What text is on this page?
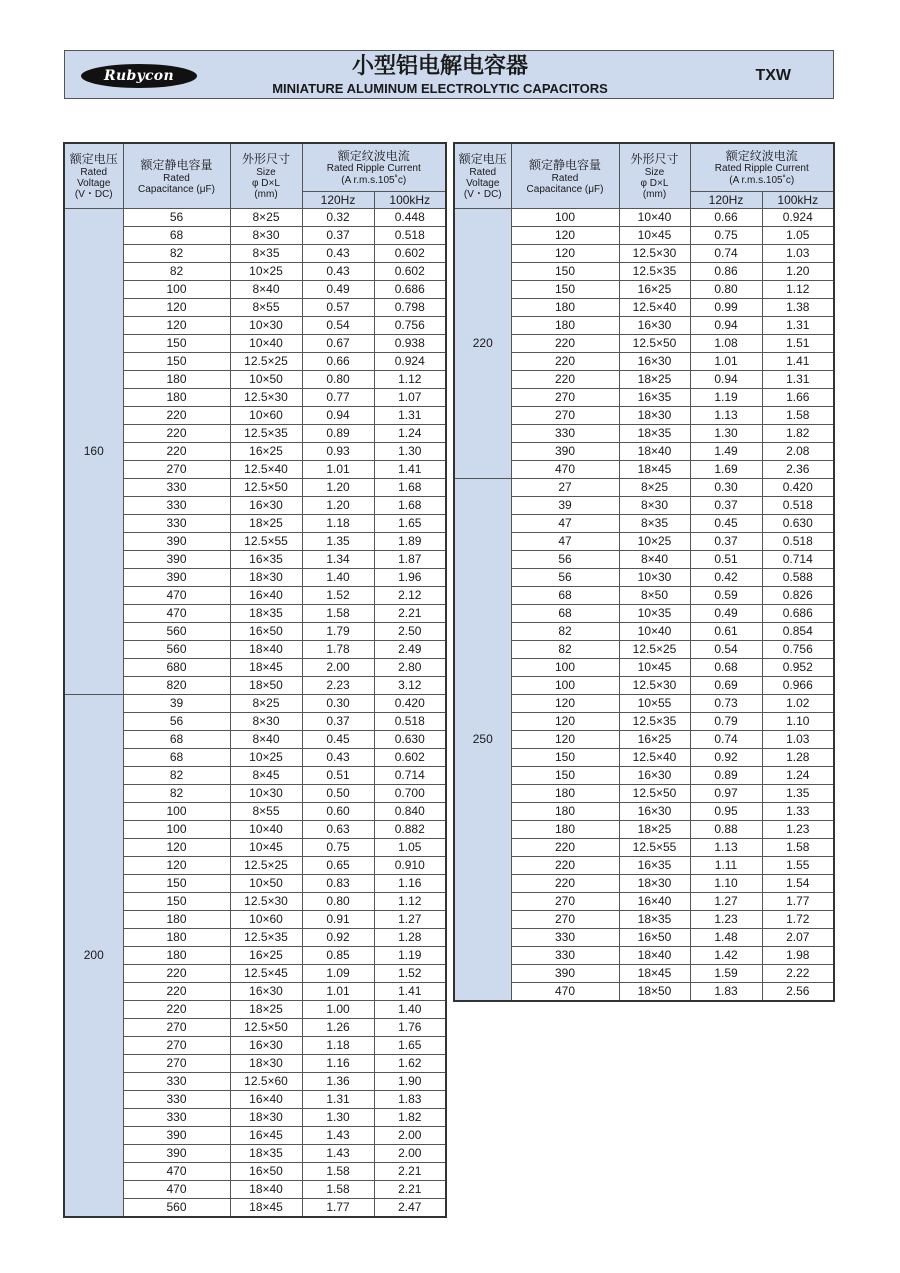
Rubycon	小型铝电解电容器
MINIATURE ALUMINUM ELECTROLYTIC CAPACITORS
TXW
额定电压
Rated Voltage
(V・DC)	额定静电容量
Rated
Capacitance (μF)	外形尺寸
Size
φ D×L
(mm)	额定纹波电流
Rated Ripple Current
(A r.m.s.105˚c)	

			120Hz	100kHz
160	56	8×25	0.32	0.448
	68	8×30	0.37	0.518
	82	8×35	0.43	0.602
	82	10×25	0.43	0.602
	100	8×40	0.49	0.686
	120	8×55	0.57	0.798
	120	10×30	0.54	0.756
	150	10×40	0.67	0.938
	150	12.5×25	0.66	0.924
	180	10×50	0.80	1.12
	180	12.5×30	0.77	1.07
	220	10×60	0.94	1.31
	220	12.5×35	0.89	1.24
	220	16×25	0.93	1.30
	270	12.5×40	1.01	1.41
	330	12.5×50	1.20	1.68
	330	16×30	1.20	1.68
	330	18×25	1.18	1.65
	390	12.5×55	1.35	1.89
	390	16×35	1.34	1.87
	390	18×30	1.40	1.96
	470	16×40	1.52	2.12
	470	18×35	1.58	2.21
	560	16×50	1.79	2.50
	560	18×40	1.78	2.49
	680	18×45	2.00	2.80
	820	18×50	2.23	3.12
200	39	8×25	0.30	0.420
	56	8×30	0.37	0.518
	68	8×40	0.45	0.630
	68	10×25	0.43	0.602
	82	8×45	0.51	0.714
	82	10×30	0.50	0.700
	100	8×55	0.60	0.840
	100	10×40	0.63	0.882
	120	10×45	0.75	1.05
	120	12.5×25	0.65	0.910
	150	10×50	0.83	1.16
	150	12.5×30	0.80	1.12
	180	10×60	0.91	1.27
	180	12.5×35	0.92	1.28
	180	16×25	0.85	1.19
	220	12.5×45	1.09	1.52
	220	16×30	1.01	1.41
	220	18×25	1.00	1.40
	270	12.5×50	1.26	1.76
	270	16×30	1.18	1.65
	270	18×30	1.16	1.62
	330	12.5×60	1.36	1.90
	330	16×40	1.31	1.83
	330	18×30	1.30	1.82
	390	16×45	1.43	2.00
	390	18×35	1.43	2.00
	470	16×50	1.58	2.21
	470	18×40	1.58	2.21
	560	18×45	1.77	2.47
额定电压
Rated Voltage
(V・DC)	额定静电容量
Rated
Capacitance (μF)	外形尺寸
Size
φ D×L
(mm)	额定纹波电流
Rated Ripple Current
(A r.m.s.105˚c)	

			120Hz	100kHz
220	100	10×40	0.66	0.924
	120	10×45	0.75	1.05
	120	12.5×30	0.74	1.03
	150	12.5×35	0.86	1.20
	150	16×25	0.80	1.12
	180	12.5×40	0.99	1.38
	180	16×30	0.94	1.31
	220	12.5×50	1.08	1.51
	220	16×30	1.01	1.41
	220	18×25	0.94	1.31
	270	16×35	1.19	1.66
	270	18×30	1.13	1.58
	330	18×35	1.30	1.82
	390	18×40	1.49	2.08
	470	18×45	1.69	2.36
250	27	8×25	0.30	0.420
	39	8×30	0.37	0.518
	47	8×35	0.45	0.630
	47	10×25	0.37	0.518
	56	8×40	0.51	0.714
	56	10×30	0.42	0.588
	68	8×50	0.59	0.826
	68	10×35	0.49	0.686
	82	10×40	0.61	0.854
	82	12.5×25	0.54	0.756
	100	10×45	0.68	0.952
	100	12.5×30	0.69	0.966
	120	10×55	0.73	1.02
	120	12.5×35	0.79	1.10
	120	16×25	0.74	1.03
	150	12.5×40	0.92	1.28
	150	16×30	0.89	1.24
	180	12.5×50	0.97	1.35
	180	16×30	0.95	1.33
	180	18×25	0.88	1.23
	220	12.5×55	1.13	1.58
	220	16×35	1.11	1.55
	220	18×30	1.10	1.54
	270	16×40	1.27	1.77
	270	18×35	1.23	1.72
	330	16×50	1.48	2.07
	330	18×40	1.42	1.98
	390	18×45	1.59	2.22
	470	18×50	1.83	2.56
